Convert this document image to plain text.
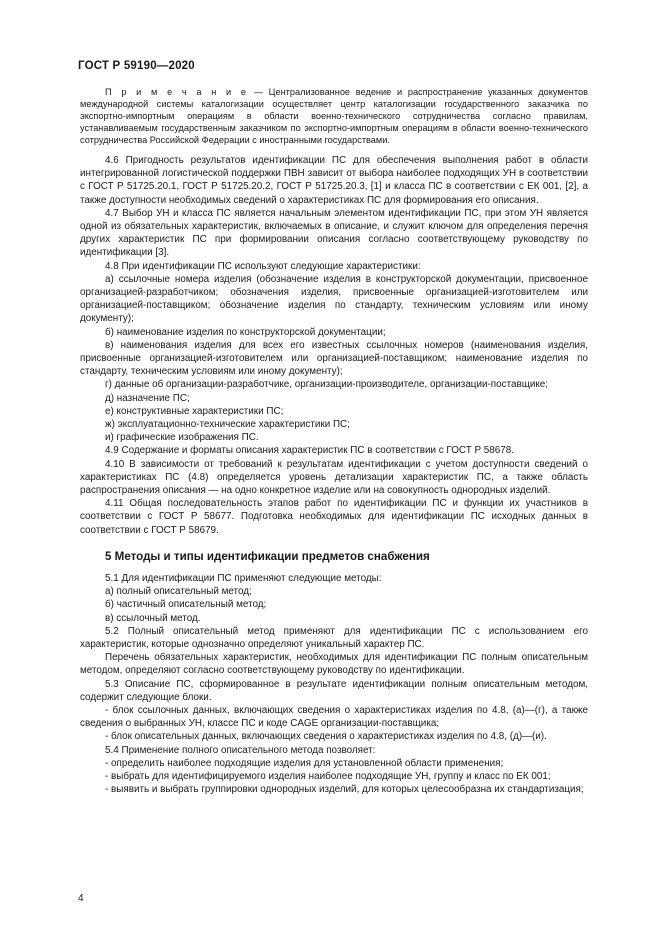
ГОСТ Р 59190—2020

П р и м е ч а н и е — Централизованное ведение и распространение указанных документов международной системы каталогизации осуществляет центр каталогизации государственного заказчика по экспортно-импортным операциям в области военно-технического сотрудничества согласно правилам, устанавливаемым государственным заказчиком по экспортно-импортным операциям в области военно-технического сотрудничества Российской Федерации с иностранными государствами.

4.6 Пригодность результатов идентификации ПС для обеспечения выполнения работ в области интегрированной логистической поддержки ПВН зависит от выбора наиболее подходящих УН в соответствии с ГОСТ Р 51725.20.1, ГОСТ Р 51725.20.2, ГОСТ Р 51725.20.3, [1] и класса ПС в соответствии с ЕК 001, [2], а также доступности необходимых сведений о характеристиках ПС для формирования его описания.

4.7 Выбор УН и класса ПС является начальным элементом идентификации ПС, при этом УН является одной из обязательных характеристик, включаемых в описание, и служит ключом для определения перечня других характеристик ПС при формировании описания согласно соответствующему руководству по идентификации [3].

4.8 При идентификации ПС используют следующие характеристики:

а) ссылочные номера изделия (обозначение изделия в конструкторской документации, присвоенное организацией-разработчиком; обозначения изделия, присвоенные организацией-изготовителем или организацией-поставщиком; обозначение изделия по стандарту, техническим условиям или иному документу);

б) наименование изделия по конструкторской документации;

в) наименования изделия для всех его известных ссылочных номеров (наименования изделия, присвоенные организацией-изготовителем или организацией-поставщиком; наименование изделия по стандарту, техническим условиям или иному документу);

г) данные об организации-разработчике, организации-производителе, организации-поставщике;

д) назначение ПС;

е) конструктивные характеристики ПС;

ж) эксплуатационно-технические характеристики ПС;

и) графические изображения ПС.

4.9 Содержание и форматы описания характеристик ПС в соответствии с ГОСТ Р 58678.

4.10 В зависимости от требований к результатам идентификации с учетом доступности сведений о характеристиках ПС (4.8) определяется уровень детализации характеристик ПС, а также область распространения описания — на одно конкретное изделие или на совокупность однородных изделий.

4.11 Общая последовательность этапов работ по идентификации ПС и функции их участников в соответствии с ГОСТ Р 58677. Подготовка необходимых для идентификации ПС исходных данных в соответствии с ГОСТ Р 58679.

5 Методы и типы идентификации предметов снабжения

5.1 Для идентификации ПС применяют следующие методы:

а) полный описательный метод;

б) частичный описательный метод;

в) ссылочный метод.

5.2 Полный описательный метод применяют для идентификации ПС с использованием его характеристик, которые однозначно определяют уникальный характер ПС.

Перечень обязательных характеристик, необходимых для идентификации ПС полным описательным методом, определяют согласно соответствующему руководству по идентификации.

5.3 Описание ПС, сформированное в результате идентификации полным описательным методом, содержит следующие блоки.

- блок ссылочных данных, включающих сведения о характеристиках изделия по 4.8, (а)—(г), а также сведения о выбранных УН, классе ПС и коде CAGE организации-поставщика;

- блок описательных данных, включающих сведения о характеристиках изделия по 4.8, (д)—(и).

5.4 Применение полного описательного метода позволяет:

- определить наиболее подходящие изделия для установленной области применения;

- выбрать для идентифицируемого изделия наиболее подходящие УН, группу и класс по ЕК 001;

- выявить и выбрать группировки однородных изделий, для которых целесообразна их стандартизация;

4
